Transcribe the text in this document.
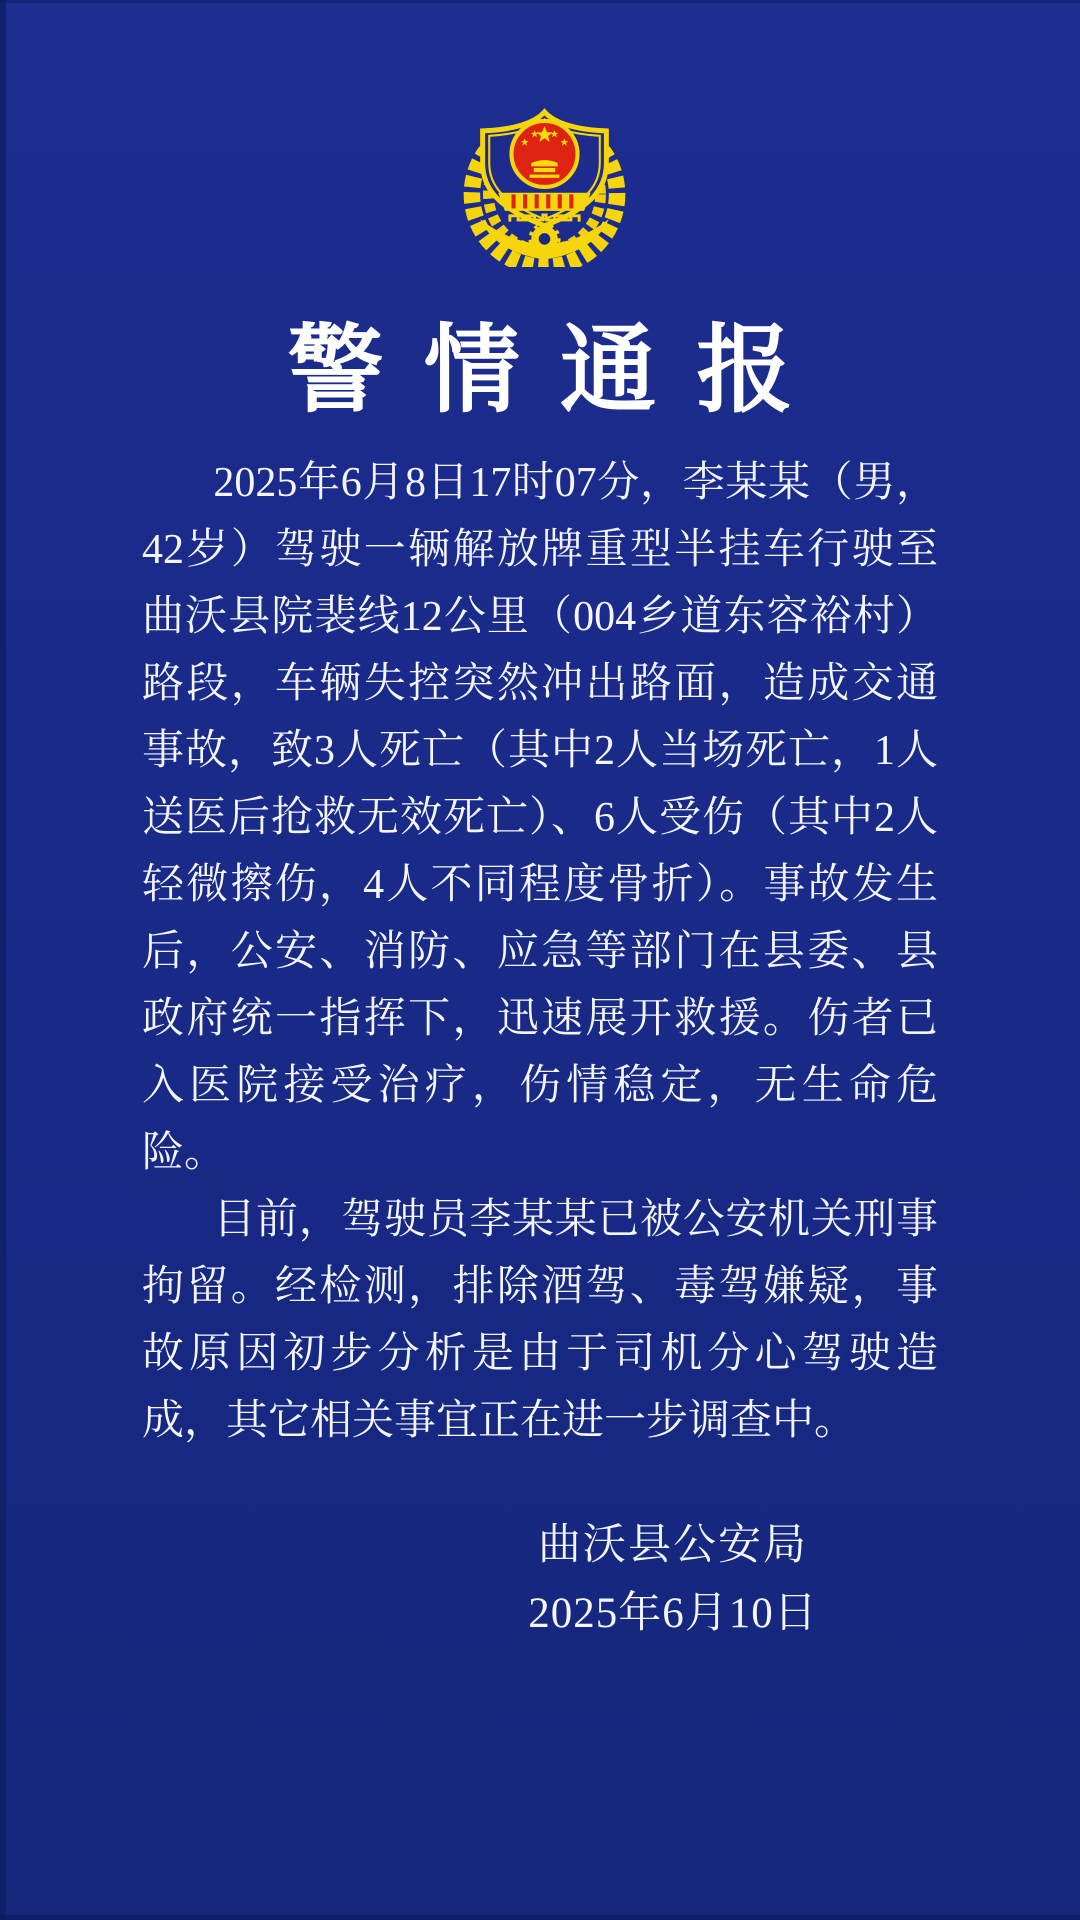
警情通报

2025年6月8日17时07分，李某某（男，42岁）驾驶一辆解放牌重型半挂车行驶至曲沃县院裴线12公里（004乡道东容裕村）路段，车辆失控突然冲出路面，造成交通事故，致3人死亡（其中2人当场死亡，1人送医后抢救无效死亡）、6人受伤（其中2人轻微擦伤，4人不同程度骨折）。事故发生后，公安、消防、应急等部门在县委、县政府统一指挥下，迅速展开救援。伤者已入医院接受治疗，伤情稳定，无生命危险。

目前，驾驶员李某某已被公安机关刑事拘留。经检测，排除酒驾、毒驾嫌疑，事故原因初步分析是由于司机分心驾驶造成，其它相关事宜正在进一步调查中。

曲沃县公安局
2025年6月10日
